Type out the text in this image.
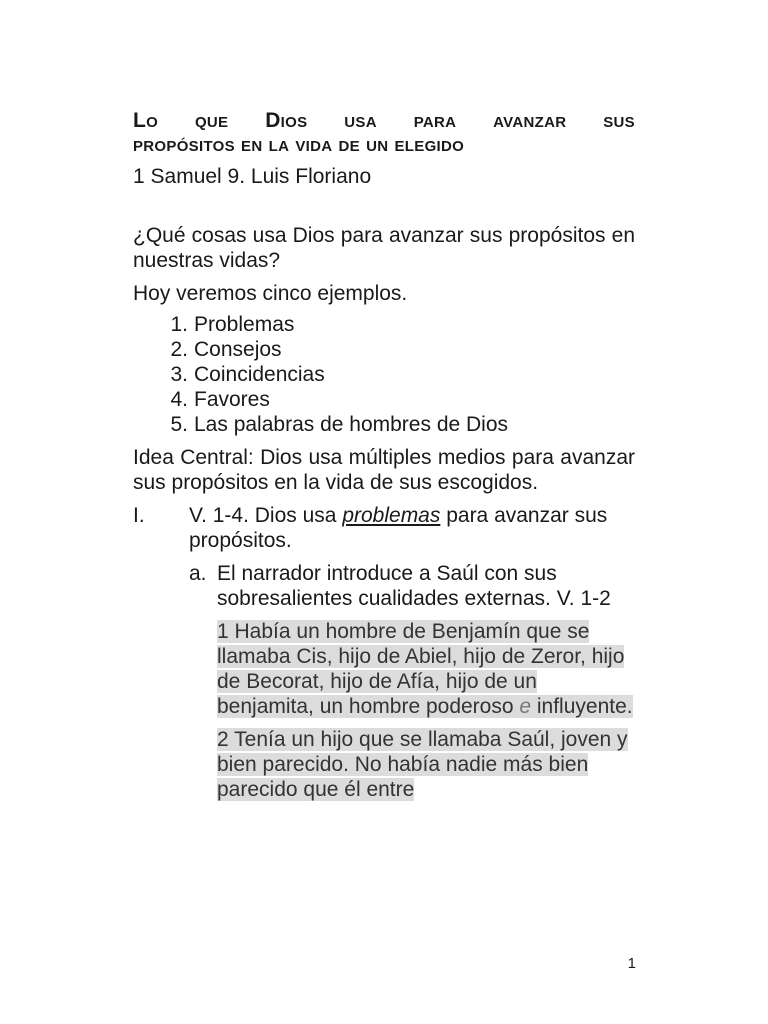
Lo que Dios usa para avanzar sus
propósitos en la vida de un elegido
1 Samuel 9. Luis Floriano

¿Qué cosas usa Dios para avanzar sus propósitos en nuestras vidas?

Hoy veremos cinco ejemplos.

1. Problemas
2. Consejos
3. Coincidencias
4. Favores
5. Las palabras de hombres de Dios

Idea Central: Dios usa múltiples medios para avanzar sus propósitos en la vida de sus escogidos.

I.	V. 1-4. Dios usa problemas para avanzar sus propósitos.
a. El narrador introduce a Saúl con sus sobresalientes cualidades externas. V. 1-2
1 Había un hombre de Benjamín que se llamaba Cis, hijo de Abiel, hijo de Zeror, hijo de Becorat, hijo de Afía, hijo de un benjamita, un hombre poderoso e influyente.
2 Tenía un hijo que se llamaba Saúl, joven y bien parecido. No había nadie más bien parecido que él entre
1
